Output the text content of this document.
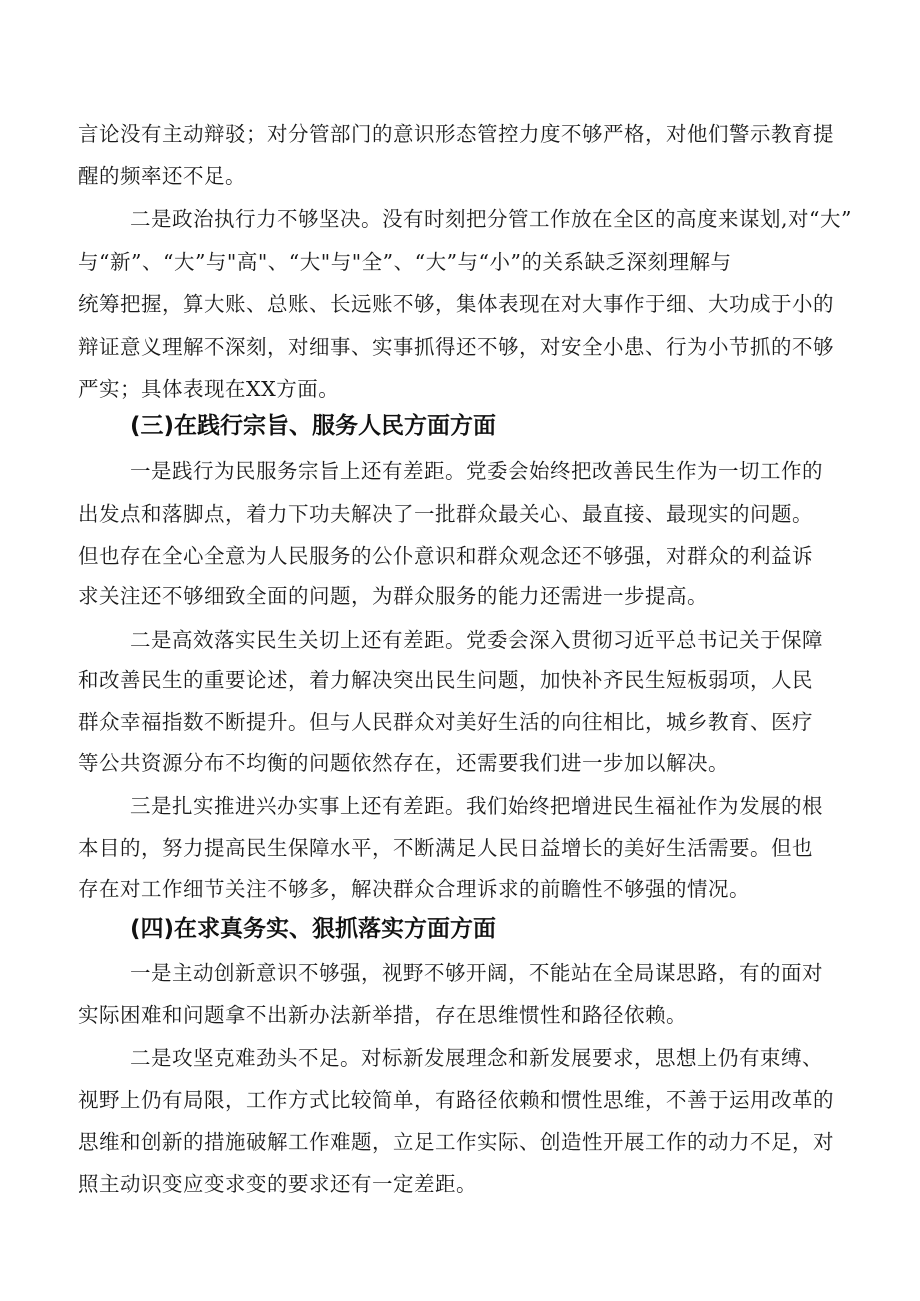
言论没有主动辩驳；对分管部门的意识形态管控力度不够严格，对他们警示教育提
醒的频率还不足。
二是政治执行力不够坚决。没有时刻把分管工作放在全区的高度来谋划,对“大”
与“新”、“大”与"高"、“大"与"全”、“大”与“小”的关系缺乏深刻理解与
统筹把握，算大账、总账、长远账不够，集体表现在对大事作于细、大功成于小的
辩证意义理解不深刻，对细事、实事抓得还不够，对安全小患、行为小节抓的不够
严实；具体表现在XX方面。
(三)在践行宗旨、服务人民方面方面
一是践行为民服务宗旨上还有差距。党委会始终把改善民生作为一切工作的
出发点和落脚点，着力下功夫解决了一批群众最关心、最直接、最现实的问题。
但也存在全心全意为人民服务的公仆意识和群众观念还不够强，对群众的利益诉
求关注还不够细致全面的问题，为群众服务的能力还需进一步提高。
二是高效落实民生关切上还有差距。党委会深入贯彻习近平总书记关于保障
和改善民生的重要论述，着力解决突出民生问题，加快补齐民生短板弱项，人民
群众幸福指数不断提升。但与人民群众对美好生活的向往相比，城乡教育、医疗
等公共资源分布不均衡的问题依然存在，还需要我们进一步加以解决。
三是扎实推进兴办实事上还有差距。我们始终把增进民生福祉作为发展的根
本目的，努力提高民生保障水平，不断满足人民日益增长的美好生活需要。但也
存在对工作细节关注不够多，解决群众合理诉求的前瞻性不够强的情况。
(四)在求真务实、狠抓落实方面方面
一是主动创新意识不够强，视野不够开阔，不能站在全局谋思路，有的面对
实际困难和问题拿不出新办法新举措，存在思维惯性和路径依赖。
二是攻坚克难劲头不足。对标新发展理念和新发展要求，思想上仍有束缚、
视野上仍有局限，工作方式比较简单，有路径依赖和惯性思维，不善于运用改革的
思维和创新的措施破解工作难题，立足工作实际、创造性开展工作的动力不足，对
照主动识变应变求变的要求还有一定差距。
